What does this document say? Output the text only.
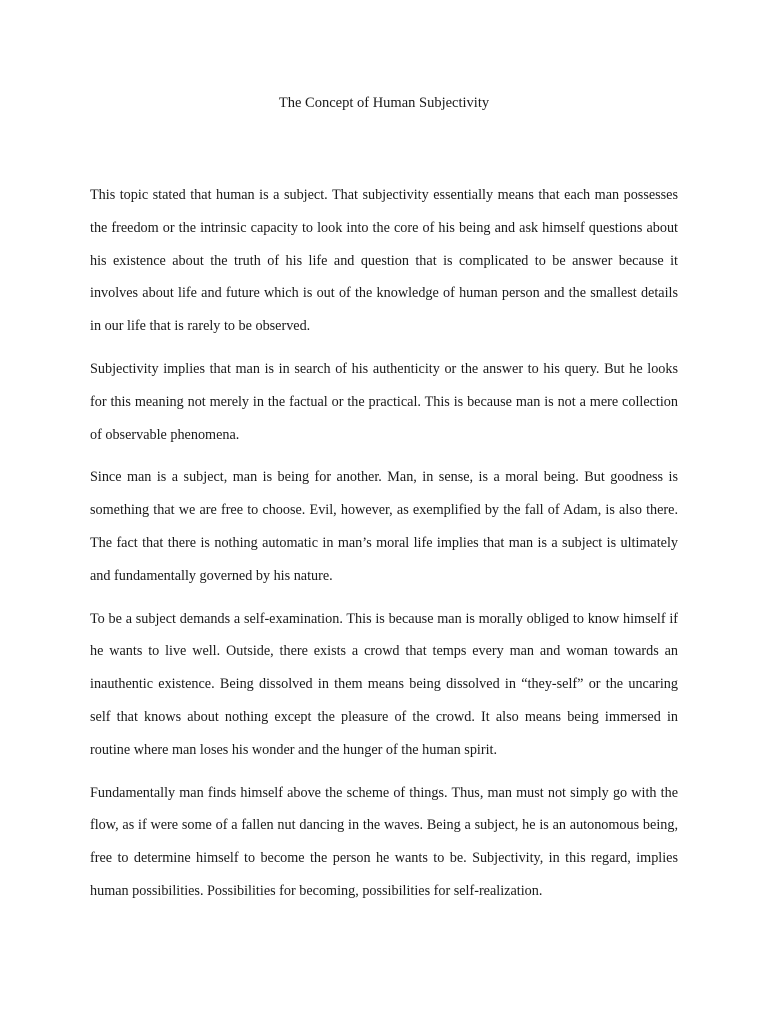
The Concept of Human Subjectivity

This topic stated that human is a subject. That subjectivity essentially means that each man possesses the freedom or the intrinsic capacity to look into the core of his being and ask himself questions about his existence about the truth of his life and question that is complicated to be answer because it involves about life and future which is out of the knowledge of human person and the smallest details in our life that is rarely to be observed.

Subjectivity implies that man is in search of his authenticity or the answer to his query. But he looks for this meaning not merely in the factual or the practical. This is because man is not a mere collection of observable phenomena.

Since man is a subject, man is being for another. Man, in sense, is a moral being. But goodness is something that we are free to choose. Evil, however, as exemplified by the fall of Adam, is also there. The fact that there is nothing automatic in man’s moral life implies that man is a subject is ultimately and fundamentally governed by his nature.

To be a subject demands a self-examination. This is because man is morally obliged to know himself if he wants to live well. Outside, there exists a crowd that temps every man and woman towards an inauthentic existence. Being dissolved in them means being dissolved in “they-self” or the uncaring self that knows about nothing except the pleasure of the crowd. It also means being immersed in routine where man loses his wonder and the hunger of the human spirit.

Fundamentally man finds himself above the scheme of things. Thus, man must not simply go with the flow, as if were some of a fallen nut dancing in the waves. Being a subject, he is an autonomous being, free to determine himself to become the person he wants to be. Subjectivity, in this regard, implies human possibilities. Possibilities for becoming, possibilities for self-realization.
